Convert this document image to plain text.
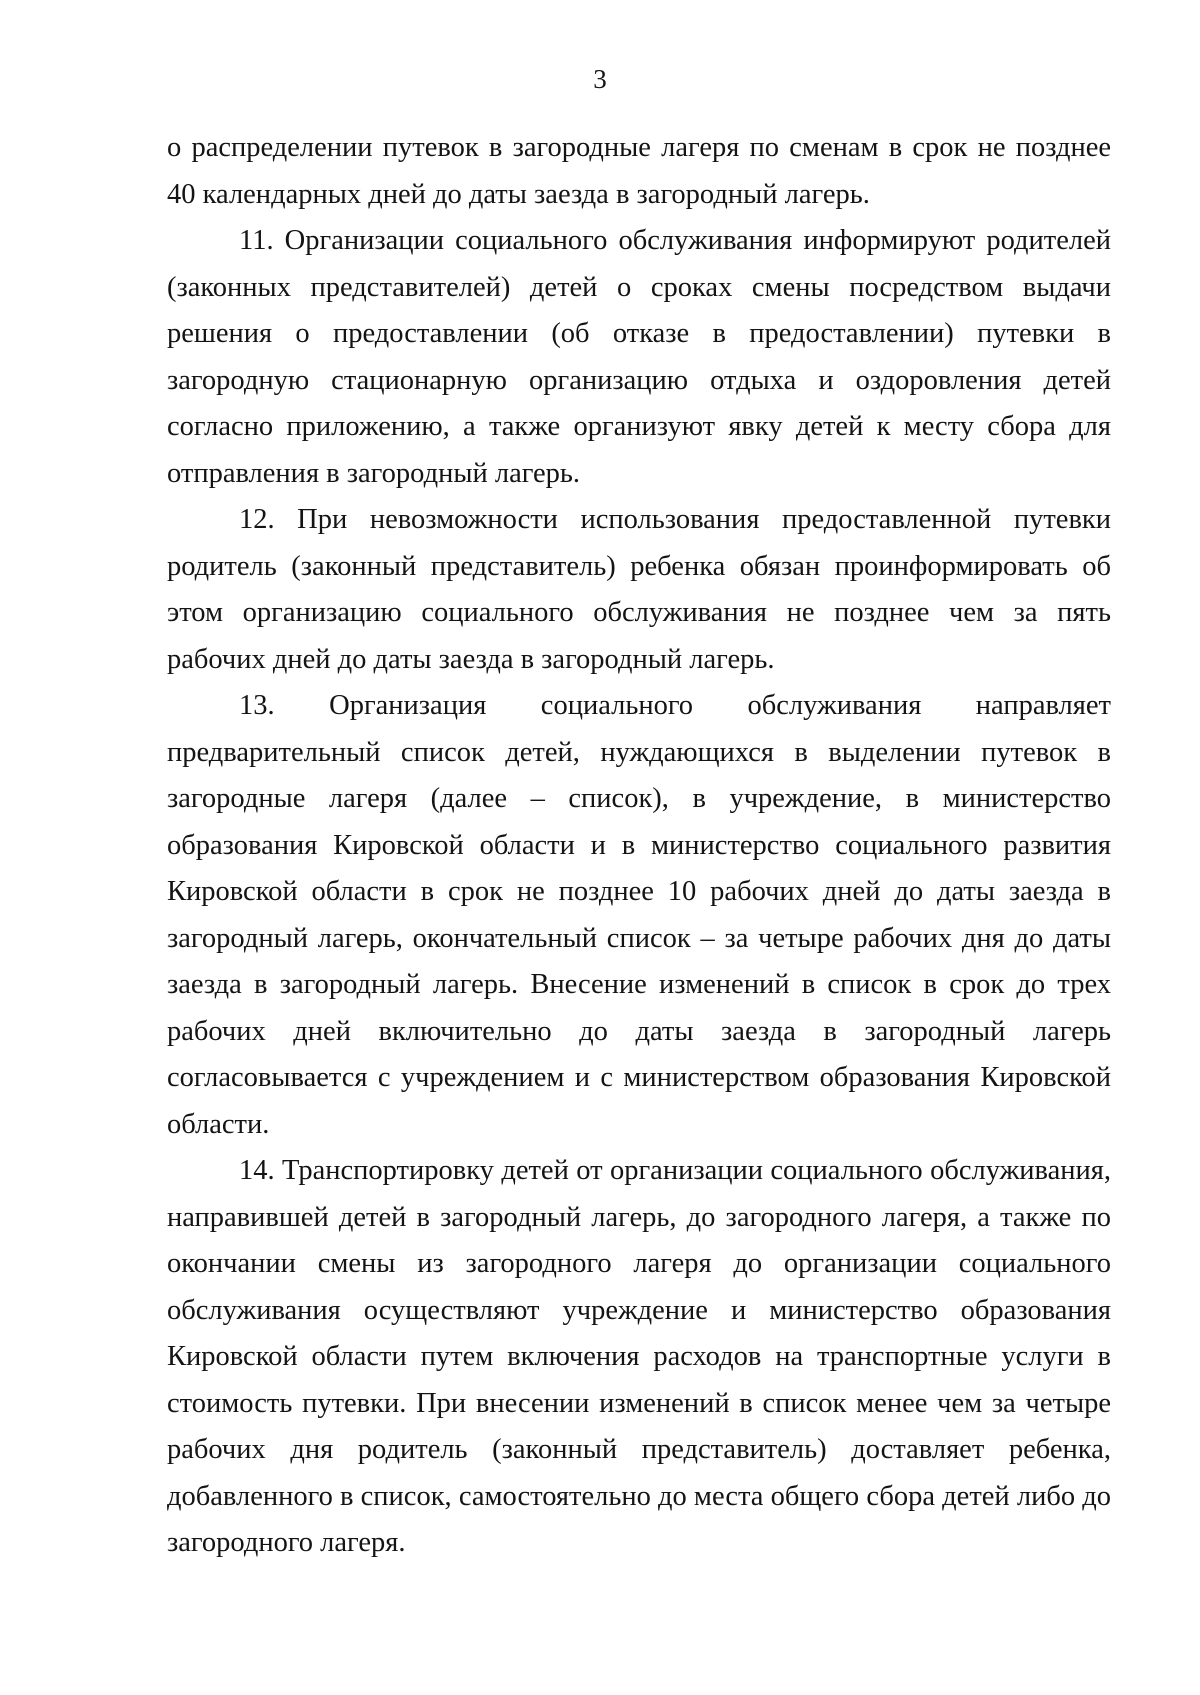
3

о распределении путевок в загородные лагеря по сменам в срок не позднее 40 календарных дней до даты заезда в загородный лагерь.

11. Организации социального обслуживания информируют родителей (законных представителей) детей о сроках смены посредством выдачи решения о предоставлении (об отказе в предоставлении) путевки в загородную стационарную организацию отдыха и оздоровления детей согласно приложению, а также организуют явку детей к месту сбора для отправления в загородный лагерь.

12. При невозможности использования предоставленной путевки родитель (законный представитель) ребенка обязан проинформировать об этом организацию социального обслуживания не позднее чем за пять рабочих дней до даты заезда в загородный лагерь.

13. Организация социального обслуживания направляет предварительный список детей, нуждающихся в выделении путевок в загородные лагеря (далее – список), в учреждение, в министерство образования Кировской области и в министерство социального развития Кировской области в срок не позднее 10 рабочих дней до даты заезда в загородный лагерь, окончательный список – за четыре рабочих дня до даты заезда в загородный лагерь. Внесение изменений в список в срок до трех рабочих дней включительно до даты заезда в загородный лагерь согласовывается с учреждением и с министерством образования Кировской области.

14. Транспортировку детей от организации социального обслуживания, направившей детей в загородный лагерь, до загородного лагеря, а также по окончании смены из загородного лагеря до организации социального обслуживания осуществляют учреждение и министерство образования Кировской области путем включения расходов на транспортные услуги в стоимость путевки. При внесении изменений в список менее чем за четыре рабочих дня родитель (законный представитель) доставляет ребенка, добавленного в список, самостоятельно до места общего сбора детей либо до загородного лагеря.
